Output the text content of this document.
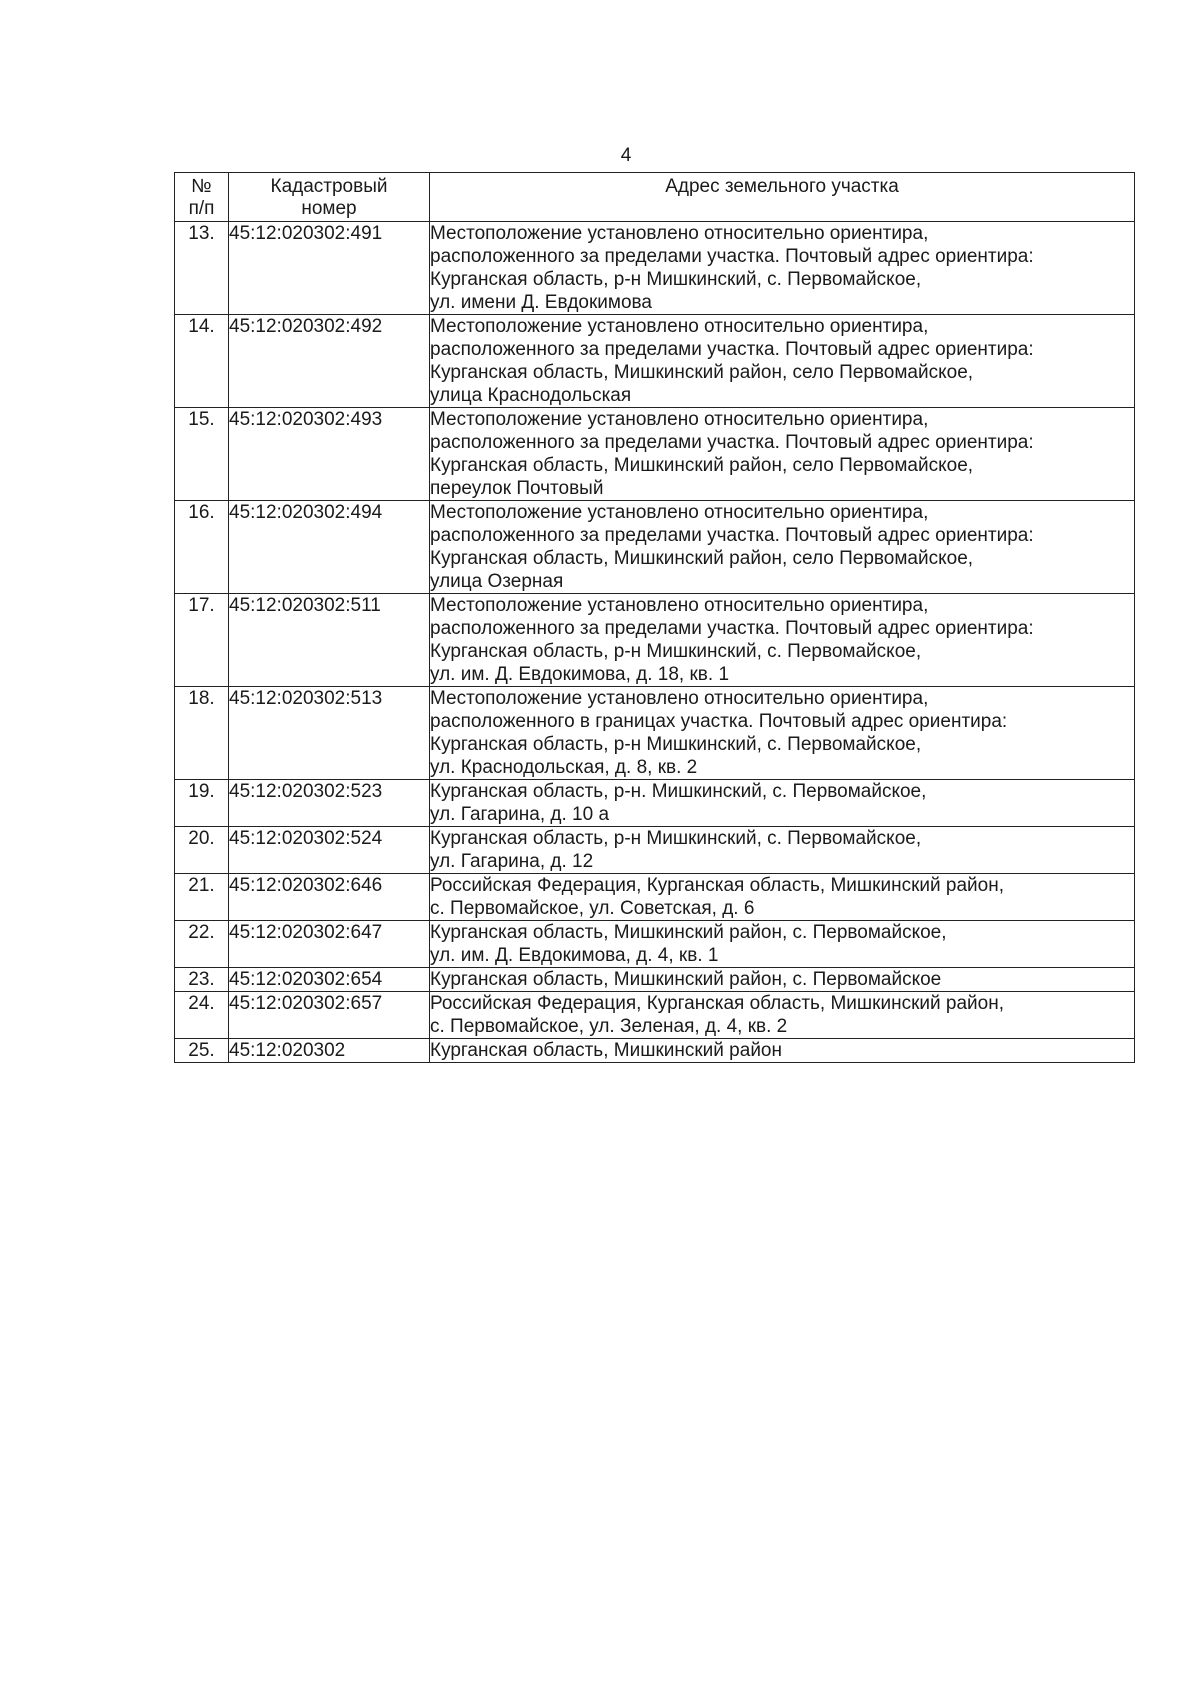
4
№
п/п	Кадастровый
номер	Адрес земельного участка
13.	45:12:020302:491	Местоположение установлено относительно ориентира,
расположенного за пределами участка. Почтовый адрес ориентира:
Курганская область, р-н Мишкинский, с. Первомайское,
ул. имени Д. Евдокимова

14.	45:12:020302:492	Местоположение установлено относительно ориентира,
расположенного за пределами участка. Почтовый адрес ориентира:
Курганская область, Мишкинский район, село Первомайское,
улица Краснодольская

15.	45:12:020302:493	Местоположение установлено относительно ориентира,
расположенного за пределами участка. Почтовый адрес ориентира:
Курганская область, Мишкинский район, село Первомайское,
переулок Почтовый

16.	45:12:020302:494	Местоположение установлено относительно ориентира,
расположенного за пределами участка. Почтовый адрес ориентира:
Курганская область, Мишкинский район, село Первомайское,
улица Озерная

17.	45:12:020302:511	Местоположение установлено относительно ориентира,
расположенного за пределами участка. Почтовый адрес ориентира:
Курганская область, р-н Мишкинский, с. Первомайское,
ул. им. Д. Евдокимова, д. 18, кв. 1

18.	45:12:020302:513	Местоположение установлено относительно ориентира,
расположенного в границах участка. Почтовый адрес ориентира:
Курганская область, р-н Мишкинский, с. Первомайское,
ул. Краснодольская, д. 8, кв. 2

19.	45:12:020302:523	Курганская область, р-н. Мишкинский, с. Первомайское,
ул. Гагарина, д. 10 а

20.	45:12:020302:524	Курганская область, р-н Мишкинский, с. Первомайское,
ул. Гагарина, д. 12

21.	45:12:020302:646	Российская Федерация, Курганская область, Мишкинский район,
с. Первомайское, ул. Советская, д. 6

22.	45:12:020302:647	Курганская область, Мишкинский район, с. Первомайское,
ул. им. Д. Евдокимова, д. 4, кв. 1

23.	45:12:020302:654	Курганская область, Мишкинский район, с. Первомайское

24.	45:12:020302:657	Российская Федерация, Курганская область, Мишкинский район,
с. Первомайское, ул. Зеленая, д. 4, кв. 2

25.	45:12:020302	Курганская область, Мишкинский район
